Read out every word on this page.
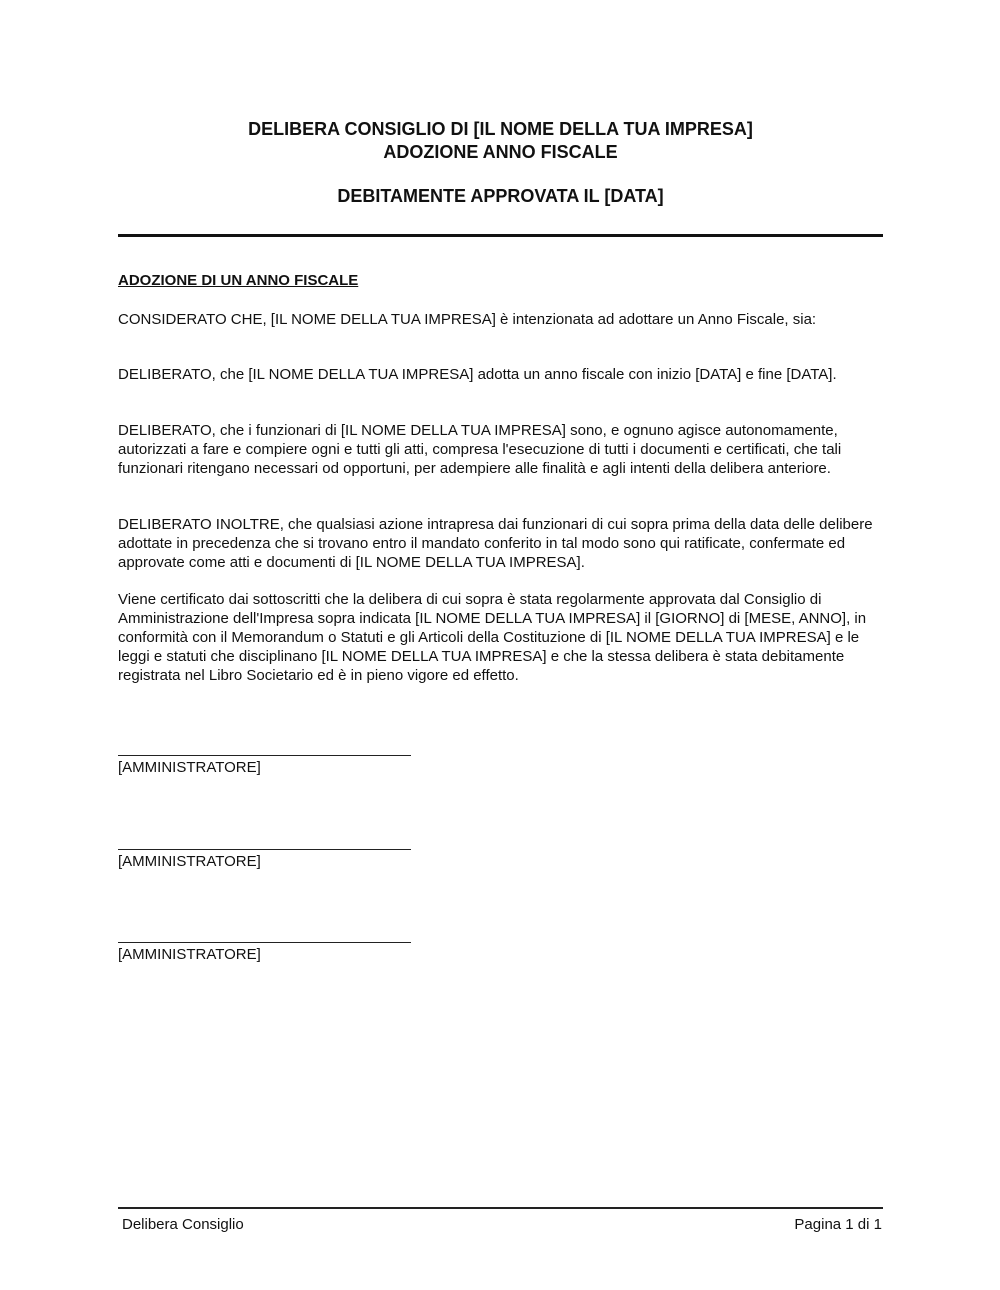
DELIBERA CONSIGLIO DI [IL NOME DELLA TUA IMPRESA]
ADOZIONE ANNO FISCALE
DEBITAMENTE APPROVATA IL [DATA]
ADOZIONE DI UN ANNO FISCALE

CONSIDERATO CHE, [IL NOME DELLA TUA IMPRESA] è intenzionata ad adottare un Anno Fiscale, sia:

DELIBERATO, che [IL NOME DELLA TUA IMPRESA] adotta un anno fiscale con inizio [DATA] e fine [DATA].

DELIBERATO, che i funzionari di [IL NOME DELLA TUA IMPRESA] sono, e ognuno agisce autonomamente, autorizzati a fare e compiere ogni e tutti gli atti, compresa l'esecuzione di tutti i documenti e certificati, che tali funzionari ritengano necessari od opportuni, per adempiere alle finalità e agli intenti della delibera anteriore.

DELIBERATO INOLTRE, che qualsiasi azione intrapresa dai funzionari di cui sopra prima della data delle delibere adottate in precedenza che si trovano entro il mandato conferito in tal modo sono qui ratificate, confermate ed approvate come atti e documenti di [IL NOME DELLA TUA IMPRESA].

Viene certificato dai sottoscritti che la delibera di cui sopra è stata regolarmente approvata dal Consiglio di Amministrazione dell'Impresa sopra indicata [IL NOME DELLA TUA IMPRESA] il [GIORNO] di [MESE, ANNO], in conformità con il Memorandum o Statuti e gli Articoli della Costituzione di [IL NOME DELLA TUA IMPRESA] e le leggi e statuti che disciplinano [IL NOME DELLA TUA IMPRESA] e che la stessa delibera è stata debitamente registrata nel Libro Societario ed è in pieno vigore ed effetto.

[AMMINISTRATORE]
[AMMINISTRATORE]
[AMMINISTRATORE]
Delibera Consiglio	Pagina 1 di 1
